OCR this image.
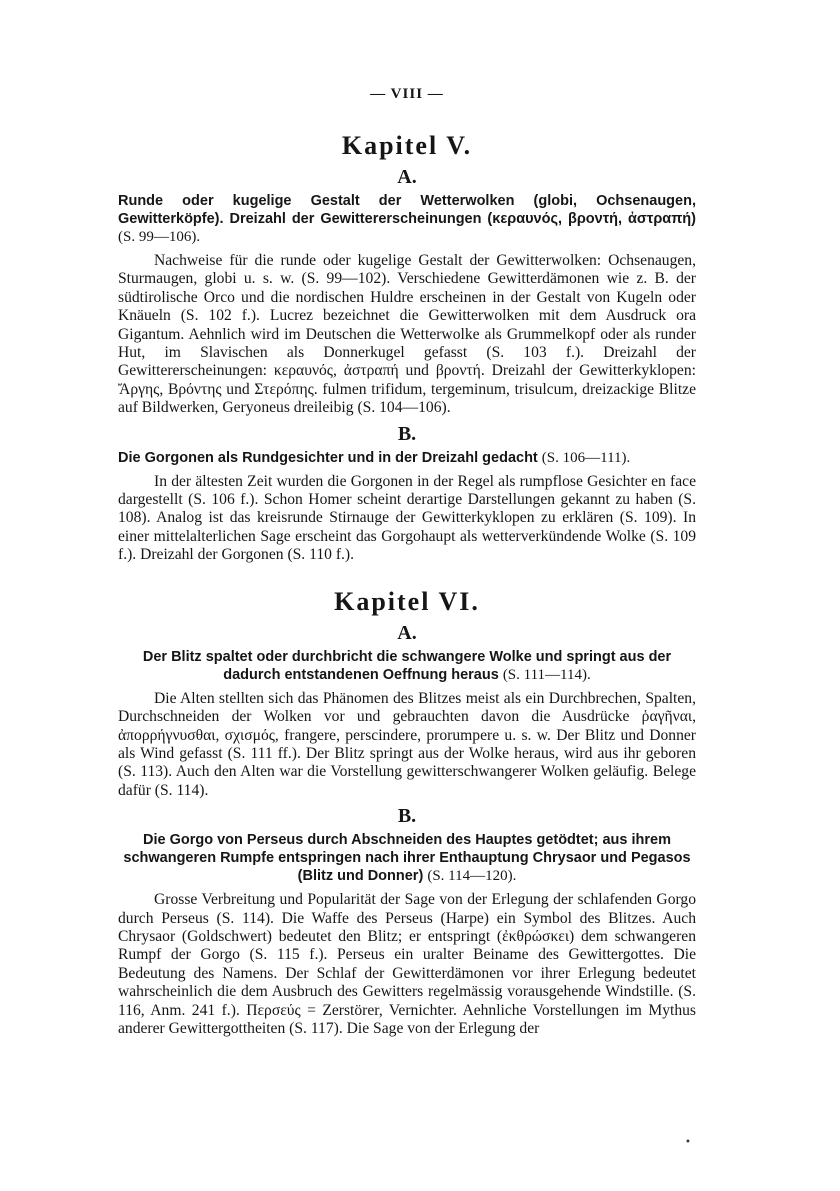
— VIII —
Kapitel V.
A.

Runde oder kugelige Gestalt der Wetterwolken (globi, Ochsenaugen, Gewitterköpfe). Dreizahl der Gewittererscheinungen (κεραυνός, βροντή, ἀστραπή) (S. 99—106).

Nachweise für die runde oder kugelige Gestalt der Gewitterwolken: Ochsenaugen, Sturmaugen, globi u. s. w. (S. 99—102). Verschiedene Gewitterdämonen wie z. B. der südtirolische Orco und die nordischen Huldre erscheinen in der Gestalt von Kugeln oder Knäueln (S. 102 f.). Lucrez bezeichnet die Gewitterwolken mit dem Ausdruck ora Gigantum. Aehnlich wird im Deutschen die Wetterwolke als Grummelkopf oder als runder Hut, im Slavischen als Donnerkugel gefasst (S. 103 f.). Dreizahl der Gewittererscheinungen: κεραυνός, ἀστραπή und βροντή. Dreizahl der Gewitterkyklopen: Ἄργης, Βρόντης und Στερόπης. fulmen trifidum, tergeminum, trisulcum, dreizackige Blitze auf Bildwerken, Geryoneus dreileibig (S. 104—106).

B.

Die Gorgonen als Rundgesichter und in der Dreizahl gedacht (S. 106—111).

In der ältesten Zeit wurden die Gorgonen in der Regel als rumpflose Gesichter en face dargestellt (S. 106 f.). Schon Homer scheint derartige Darstellungen gekannt zu haben (S. 108). Analog ist das kreisrunde Stirnauge der Gewitterkyklopen zu erklären (S. 109). In einer mittelalterlichen Sage erscheint das Gorgohaupt als wetterverkündende Wolke (S. 109 f.). Dreizahl der Gorgonen (S. 110 f.).

Kapitel VI.
A.

Der Blitz spaltet oder durchbricht die schwangere Wolke und springt aus der dadurch entstandenen Oeffnung heraus (S. 111—114).

Die Alten stellten sich das Phänomen des Blitzes meist als ein Durchbrechen, Spalten, Durchschneiden der Wolken vor und gebrauchten davon die Ausdrücke ῥαγῆναι, ἀπορρήγνυσθαι, σχισμός, frangere, perscindere, prorumpere u. s. w. Der Blitz und Donner als Wind gefasst (S. 111 ff.). Der Blitz springt aus der Wolke heraus, wird aus ihr geboren (S. 113). Auch den Alten war die Vorstellung gewitterschwangerer Wolken geläufig. Belege dafür (S. 114).

B.

Die Gorgo von Perseus durch Abschneiden des Hauptes getödtet; aus ihrem schwangeren Rumpfe entspringen nach ihrer Enthauptung Chrysaor und Pegasos (Blitz und Donner) (S. 114—120).

Grosse Verbreitung und Popularität der Sage von der Erlegung der schlafenden Gorgo durch Perseus (S. 114). Die Waffe des Perseus (Harpe) ein Symbol des Blitzes. Auch Chrysaor (Goldschwert) bedeutet den Blitz; er entspringt (ἐκθρώσκει) dem schwangeren Rumpf der Gorgo (S. 115 f.). Perseus ein uralter Beiname des Gewittergottes. Die Bedeutung des Namens. Der Schlaf der Gewitterdämonen vor ihrer Erlegung bedeutet wahrscheinlich die dem Ausbruch des Gewitters regelmässig vorausgehende Windstille. (S. 116, Anm. 241 f.). Περσεύς = Zerstörer, Vernichter. Aehnliche Vorstellungen im Mythus anderer Gewittergottheiten (S. 117). Die Sage von der Erlegung der

•
